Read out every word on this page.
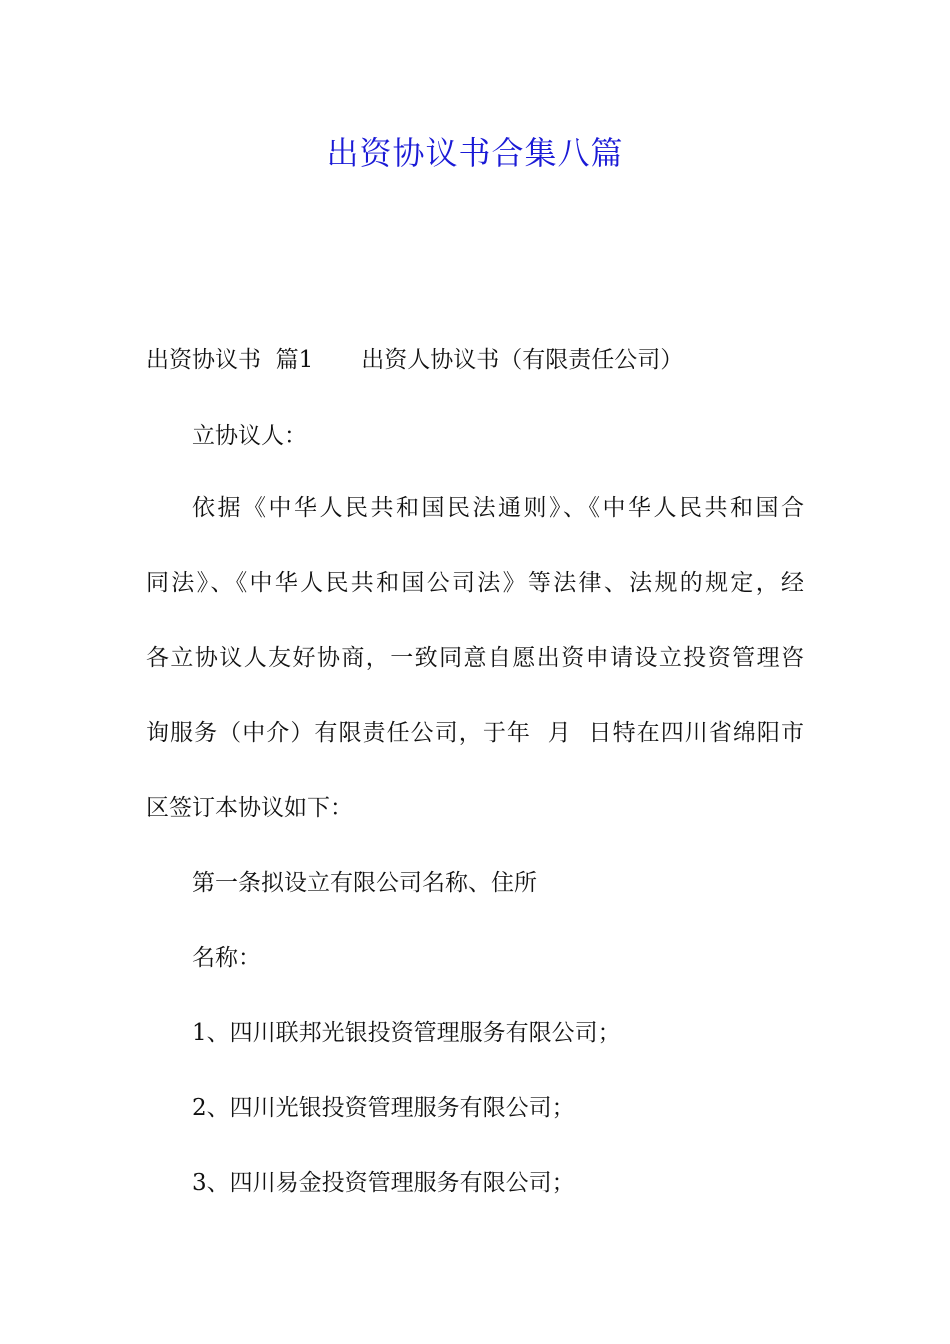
出资协议书合集八篇
出资协议书  篇1 出资人协议书（有限责任公司）
立协议人：
依据《中华人民共和国民法通则》、《中华人民共和国合
同法》、《中华人民共和国公司法》等法律、法规的规定，经
各立协议人友好协商，一致同意自愿出资申请设立投资管理咨
询服务（中介）有限责任公司，于年  月  日特在四川省绵阳市
区签订本协议如下：
第一条拟设立有限公司名称、住所
名称：
1、四川联邦光银投资管理服务有限公司；
2、四川光银投资管理服务有限公司；
3、四川易金投资管理服务有限公司；
